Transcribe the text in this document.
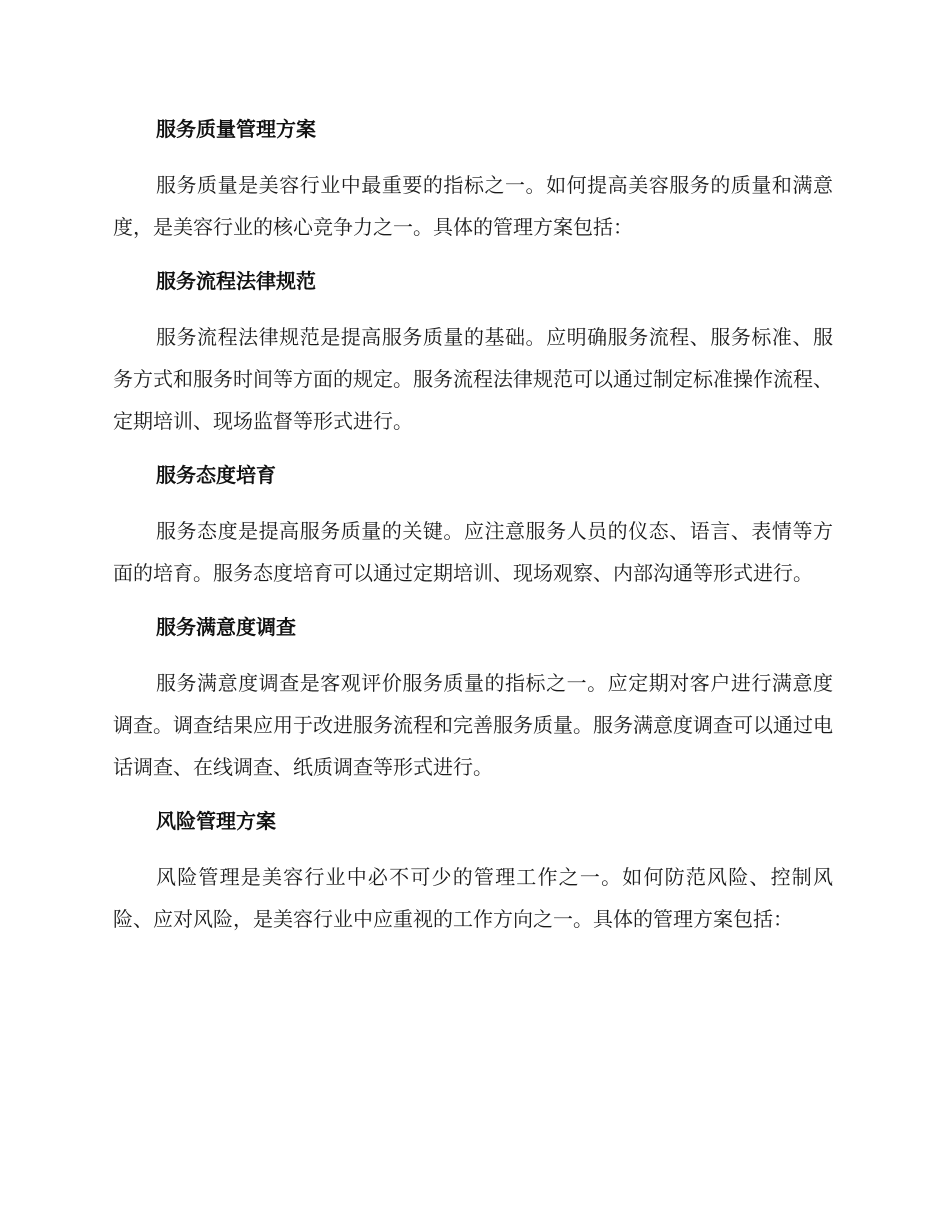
服务质量管理方案

服务质量是美容行业中最重要的指标之一。如何提高美容服务的质量和满意度，是美容行业的核心竞争力之一。具体的管理方案包括：

服务流程法律规范

服务流程法律规范是提高服务质量的基础。应明确服务流程、服务标准、服务方式和服务时间等方面的规定。服务流程法律规范可以通过制定标准操作流程、定期培训、现场监督等形式进行。

服务态度培育

服务态度是提高服务质量的关键。应注意服务人员的仪态、语言、表情等方面的培育。服务态度培育可以通过定期培训、现场观察、内部沟通等形式进行。

服务满意度调查

服务满意度调查是客观评价服务质量的指标之一。应定期对客户进行满意度调查。调查结果应用于改进服务流程和完善服务质量。服务满意度调查可以通过电话调查、在线调查、纸质调查等形式进行。

风险管理方案

风险管理是美容行业中必不可少的管理工作之一。如何防范风险、控制风险、应对风险，是美容行业中应重视的工作方向之一。具体的管理方案包括：
